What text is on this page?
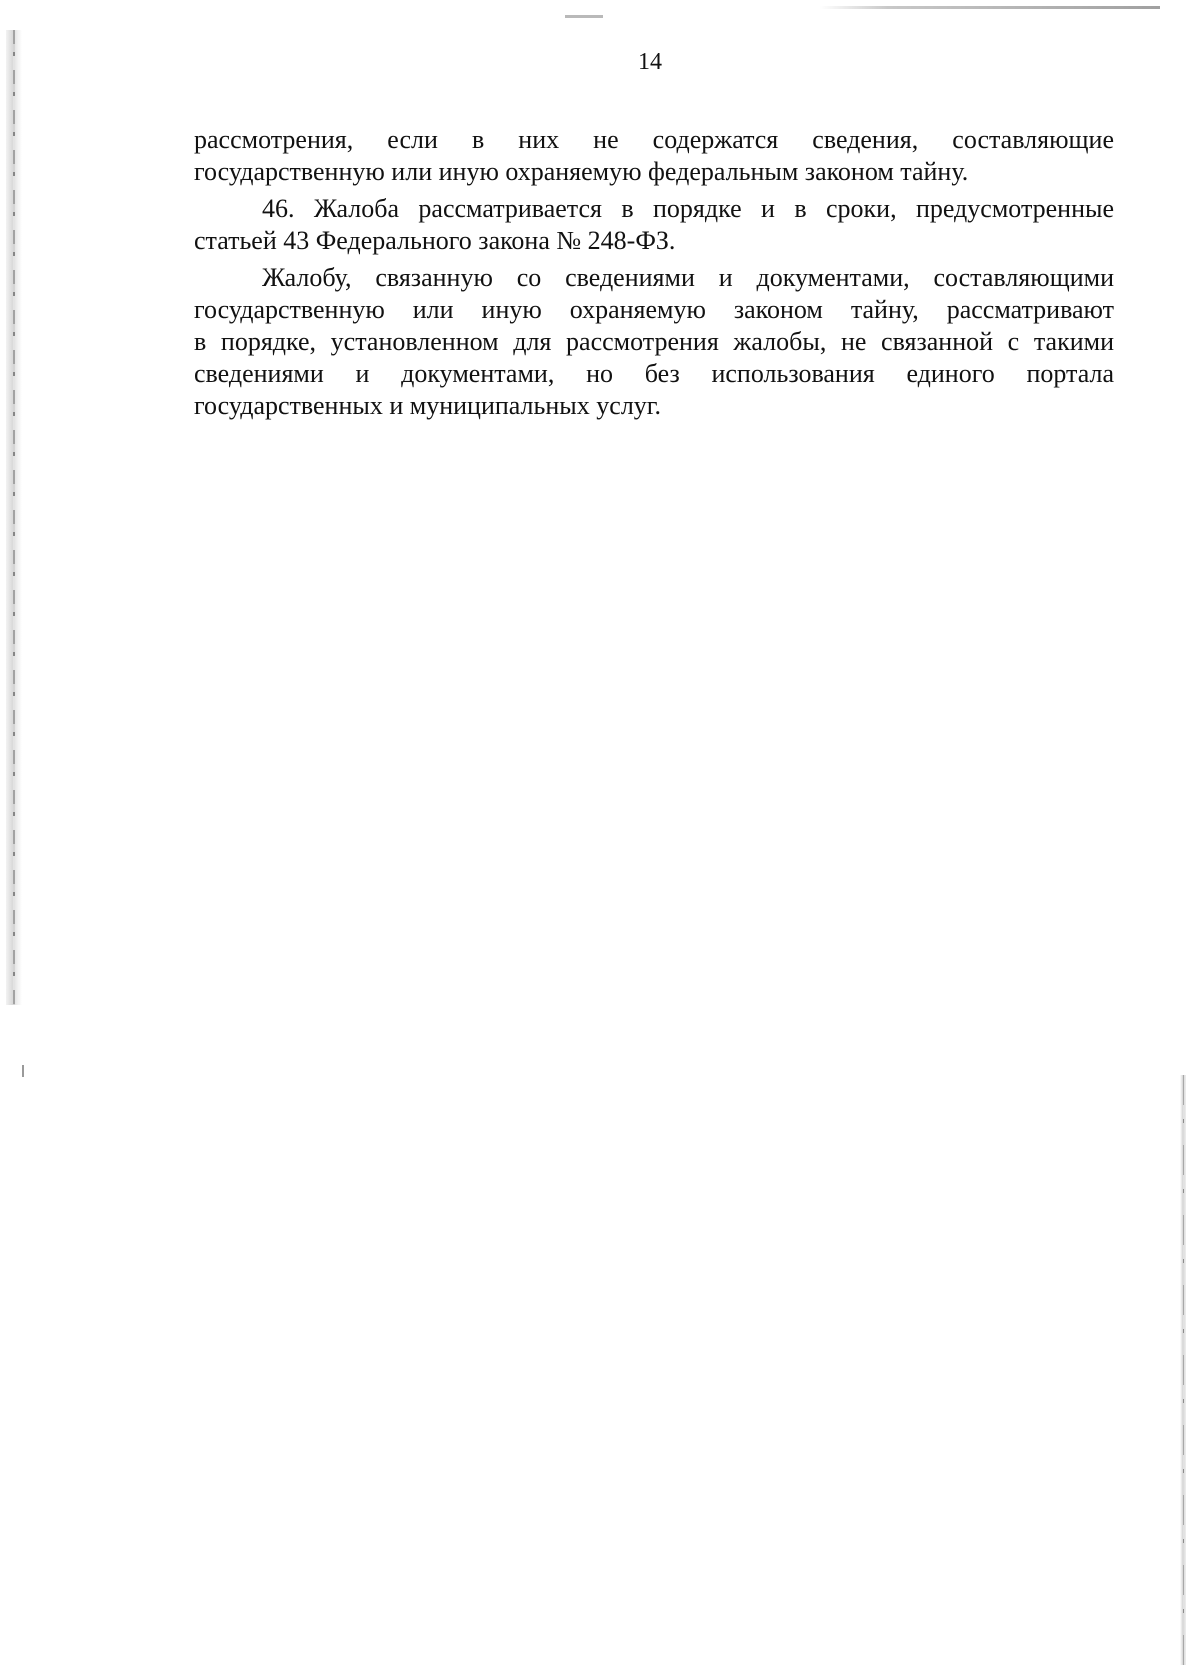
14

рассмотрения, если в них не содержатся сведения, составляющие
государственную или иную охраняемую федеральным законом тайну.

46. Жалоба рассматривается в порядке и в сроки, предусмотренные
статьей 43 Федерального закона № 248-ФЗ.

Жалобу, связанную со сведениями и документами, составляющими
государственную или иную охраняемую законом тайну, рассматривают
в порядке, установленном для рассмотрения жалобы, не связанной с такими
сведениями и документами, но без использования единого портала
государственных и муниципальных услуг.
